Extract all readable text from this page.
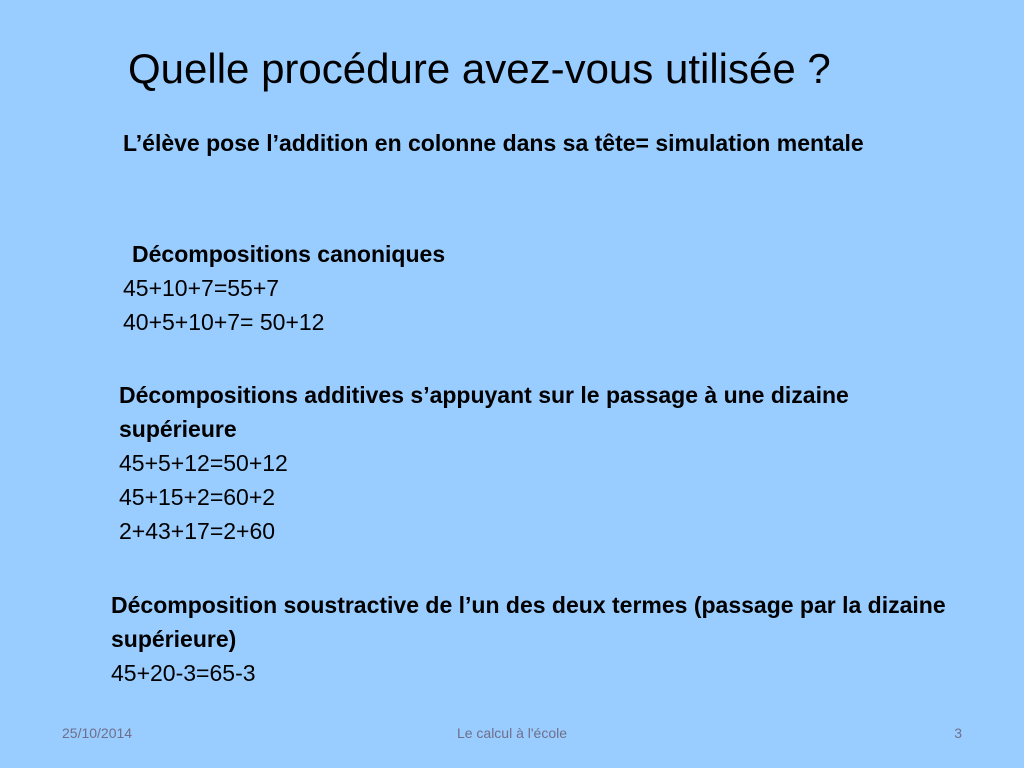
Quelle procédure avez-vous utilisée ?
L’élève pose l’addition en colonne dans sa tête= simulation mentale
Décompositions canoniques
45+10+7=55+7
40+5+10+7= 50+12
Décompositions additives s’appuyant sur le passage à une dizaine supérieure
45+5+12=50+12
45+15+2=60+2
2+43+17=2+60
Décomposition soustractive de l’un des deux termes (passage par la dizaine supérieure)
45+20-3=65-3
25/10/2014	Le calcul à l'école	3
